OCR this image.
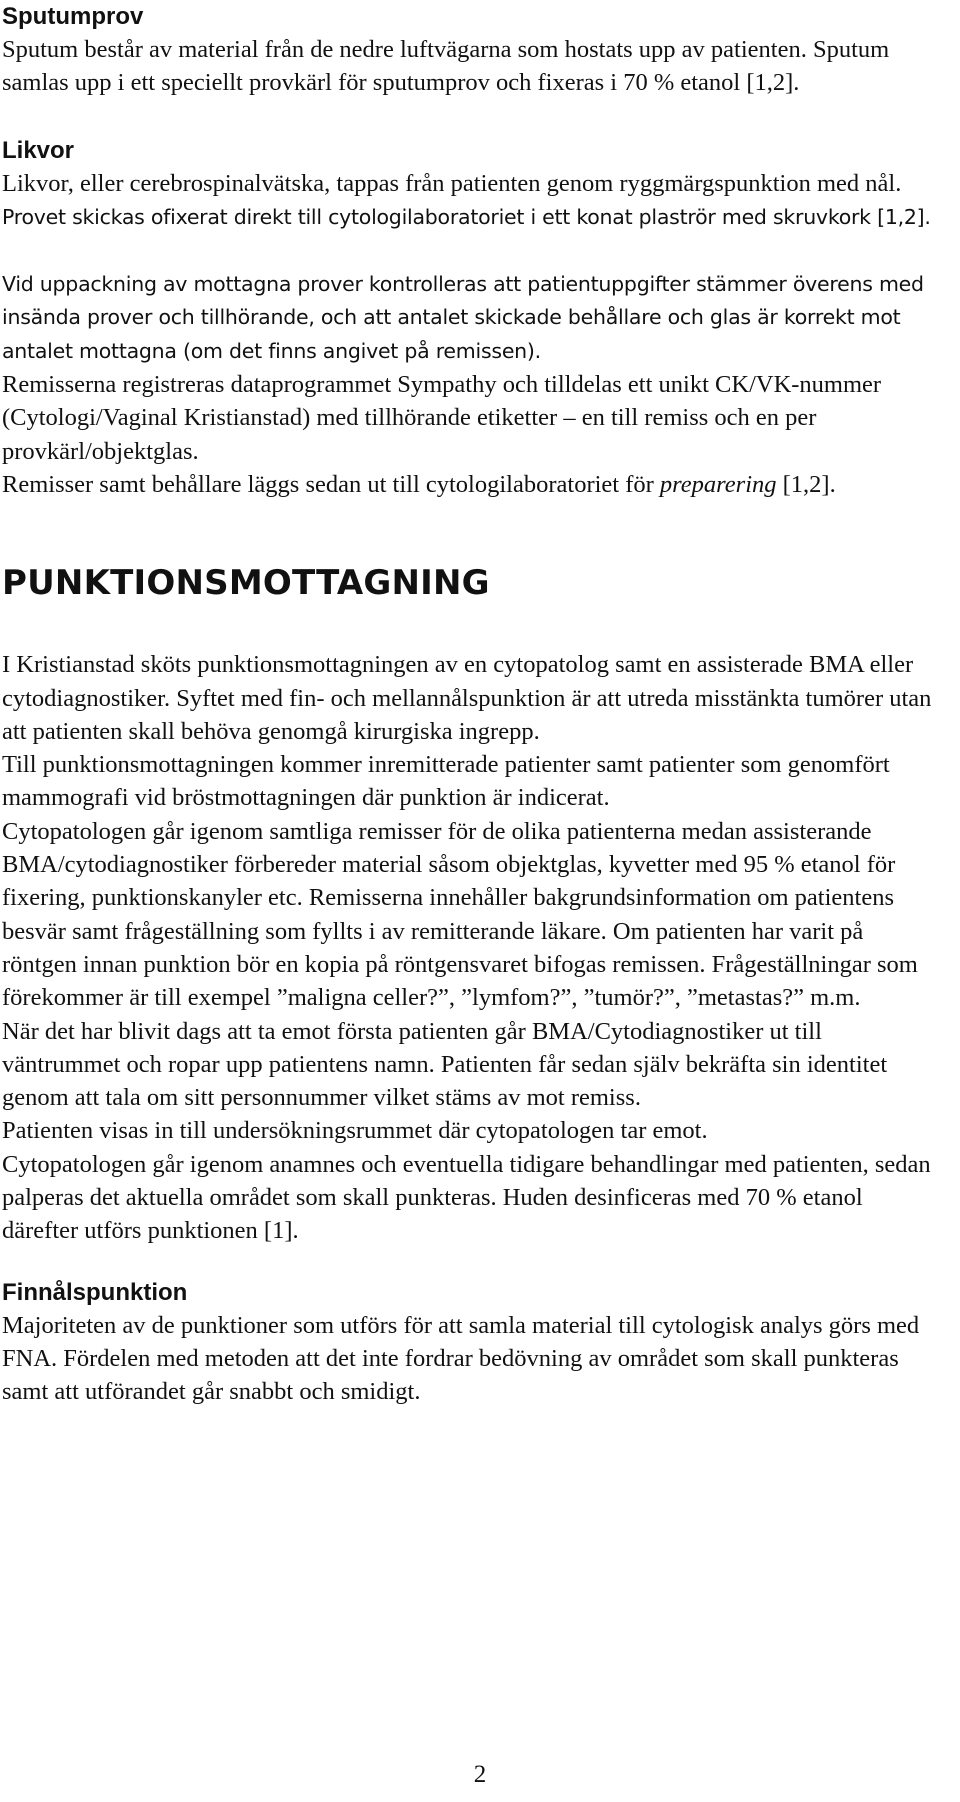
Sputumprov

Sputum består av material från de nedre luftvägarna som hostats upp av patienten. Sputum samlas upp i ett speciellt provkärl för sputumprov och fixeras i 70 % etanol [1,2].

Likvor

Likvor, eller cerebrospinalvätska, tappas från patienten genom ryggmärgspunktion med nål. Provet skickas ofixerat direkt till cytologilaboratoriet i ett konat plaströr med skruvkork [1,2].

Vid uppackning av mottagna prover kontrolleras att patientuppgifter stämmer överens med insända prover och tillhörande, och att antalet skickade behållare och glas är korrekt mot antalet mottagna (om det finns angivet på remissen).

Remisserna registreras dataprogrammet Sympathy och tilldelas ett unikt CK/VK-nummer (Cytologi/Vaginal Kristianstad) med tillhörande etiketter – en till remiss och en per provkärl/objektglas.

Remisser samt behållare läggs sedan ut till cytologilaboratoriet för preparering [1,2].

PUNKTIONSMOTTAGNING

I Kristianstad sköts punktionsmottagningen av en cytopatolog samt en assisterade BMA eller cytodiagnostiker. Syftet med fin- och mellannålspunktion är att utreda misstänkta tumörer utan att patienten skall behöva genomgå kirurgiska ingrepp.

Till punktionsmottagningen kommer inremitterade patienter samt patienter som genomfört mammografi vid bröstmottagningen där punktion är indicerat.

Cytopatologen går igenom samtliga remisser för de olika patienterna medan assisterande BMA/cytodiagnostiker förbereder material såsom objektglas, kyvetter med 95 % etanol för fixering, punktionskanyler etc. Remisserna innehåller bakgrundsinformation om patientens besvär samt frågeställning som fyllts i av remitterande läkare. Om patienten har varit på röntgen innan punktion bör en kopia på röntgensvaret bifogas remissen. Frågeställningar som förekommer är till exempel ”maligna celler?”, ”lymfom?”, ”tumör?”, ”metastas?” m.m.

När det har blivit dags att ta emot första patienten går BMA/Cytodiagnostiker ut till väntrummet och ropar upp patientens namn. Patienten får sedan själv bekräfta sin identitet genom att tala om sitt personnummer vilket stäms av mot remiss.

Patienten visas in till undersökningsrummet där cytopatologen tar emot.

Cytopatologen går igenom anamnes och eventuella tidigare behandlingar med patienten, sedan palperas det aktuella området som skall punkteras. Huden desinficeras med 70 % etanol därefter utförs punktionen [1].

Finnålspunktion

Majoriteten av de punktioner som utförs för att samla material till cytologisk analys görs med FNA. Fördelen med metoden att det inte fordrar bedövning av området som skall punkteras samt att utförandet går snabbt och smidigt.

2
